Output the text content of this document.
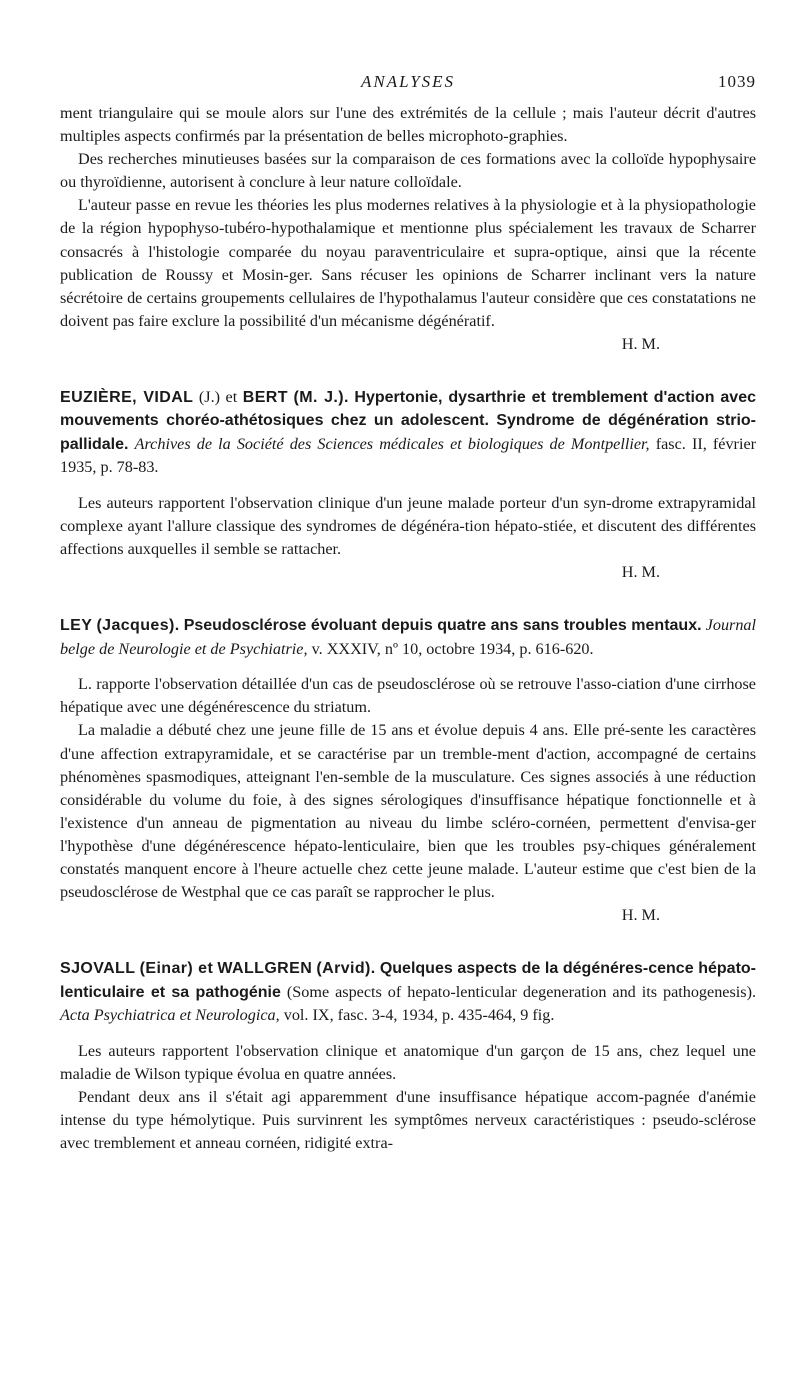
ANALYSES	1039

ment triangulaire qui se moule alors sur l'une des extrémités de la cellule ; mais l'auteur décrit d'autres multiples aspects confirmés par la présentation de belles microphoto-graphies.

Des recherches minutieuses basées sur la comparaison de ces formations avec la colloïde hypophysaire ou thyroïdienne, autorisent à conclure à leur nature colloïdale.

L'auteur passe en revue les théories les plus modernes relatives à la physiologie et à la physiopathologie de la région hypophyso-tubéro-hypothalamique et mentionne plus spécialement les travaux de Scharrer consacrés à l'histologie comparée du noyau paraventriculaire et supra-optique, ainsi que la récente publication de Roussy et Mosin-ger. Sans récuser les opinions de Scharrer inclinant vers la nature sécrétoire de certains groupements cellulaires de l'hypothalamus l'auteur considère que ces constatations ne doivent pas faire exclure la possibilité d'un mécanisme dégénératif.

H. M.
EUZIÈRE, VIDAL (J.) et BERT (M. J.). Hypertonie, dysarthrie et tremblement d'action avec mouvements choréo-athétosiques chez un adolescent. Syndrome de dégénération strio-pallidale. Archives de la Société des Sciences médicales et biologiques de Montpellier, fasc. II, février 1935, p. 78-83.

Les auteurs rapportent l'observation clinique d'un jeune malade porteur d'un syn-drome extrapyramidal complexe ayant l'allure classique des syndromes de dégénéra-tion hépato-stiée, et discutent des différentes affections auxquelles il semble se rattacher.

H. M.
LEY (Jacques). Pseudosclérose évoluant depuis quatre ans sans troubles mentaux. Journal belge de Neurologie et de Psychiatrie, v. XXXIV, nº 10, octobre 1934, p. 616-620.

L. rapporte l'observation détaillée d'un cas de pseudosclérose où se retrouve l'asso-ciation d'une cirrhose hépatique avec une dégénérescence du striatum.

La maladie a débuté chez une jeune fille de 15 ans et évolue depuis 4 ans. Elle pré-sente les caractères d'une affection extrapyramidale, et se caractérise par un tremble-ment d'action, accompagné de certains phénomènes spasmodiques, atteignant l'en-semble de la musculature. Ces signes associés à une réduction considérable du volume du foie, à des signes sérologiques d'insuffisance hépatique fonctionnelle et à l'existence d'un anneau de pigmentation au niveau du limbe scléro-cornéen, permettent d'envisa-ger l'hypothèse d'une dégénérescence hépato-lenticulaire, bien que les troubles psy-chiques généralement constatés manquent encore à l'heure actuelle chez cette jeune malade. L'auteur estime que c'est bien de la pseudosclérose de Westphal que ce cas paraît se rapprocher le plus.

H. M.
SJOVALL (Einar) et WALLGREN (Arvid). Quelques aspects de la dégénéres-cence hépato-lenticulaire et sa pathogénie (Some aspects of hepato-lenticular degeneration and its pathogenesis). Acta Psychiatrica et Neurologica, vol. IX, fasc. 3-4, 1934, p. 435-464, 9 fig.

Les auteurs rapportent l'observation clinique et anatomique d'un garçon de 15 ans, chez lequel une maladie de Wilson typique évolua en quatre années.

Pendant deux ans il s'était agi apparemment d'une insuffisance hépatique accom-pagnée d'anémie intense du type hémolytique. Puis survinrent les symptômes nerveux caractéristiques : pseudo-sclérose avec tremblement et anneau cornéen, ridigité extra-
